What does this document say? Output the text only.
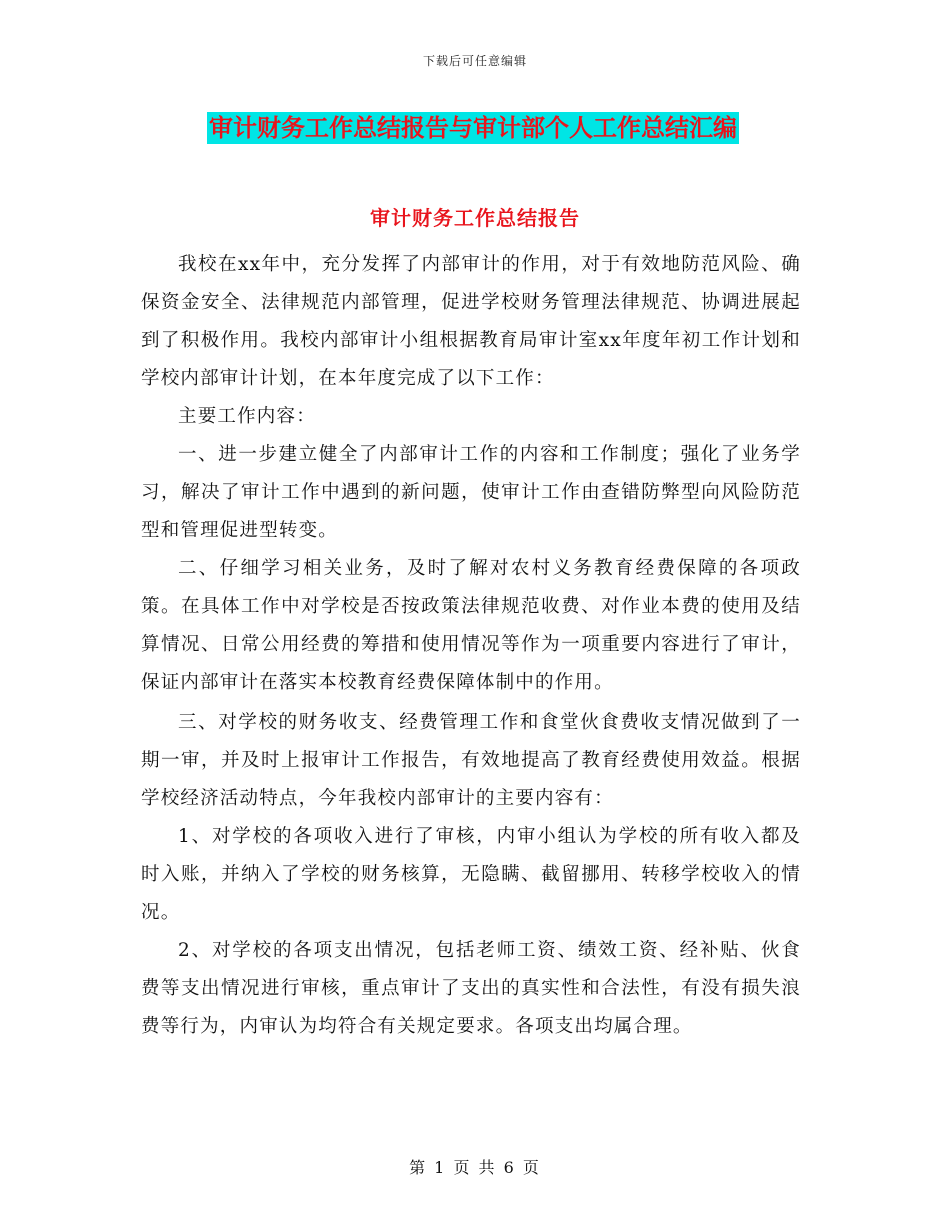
下载后可任意编辑
审计财务工作总结报告与审计部个人工作总结汇编
审计财务工作总结报告

我校在xx年中，充分发挥了内部审计的作用，对于有效地防范风险、确保资金安全、法律规范内部管理，促进学校财务管理法律规范、协调进展起到了积极作用。我校内部审计小组根据教育局审计室xx年度年初工作计划和学校内部审计计划，在本年度完成了以下工作：

主要工作内容：

一、进一步建立健全了内部审计工作的内容和工作制度；强化了业务学习，解决了审计工作中遇到的新问题，使审计工作由查错防弊型向风险防范型和管理促进型转变。

二、仔细学习相关业务，及时了解对农村义务教育经费保障的各项政策。在具体工作中对学校是否按政策法律规范收费、对作业本费的使用及结算情况、日常公用经费的筹措和使用情况等作为一项重要内容进行了审计，保证内部审计在落实本校教育经费保障体制中的作用。

三、对学校的财务收支、经费管理工作和食堂伙食费收支情况做到了一期一审，并及时上报审计工作报告，有效地提高了教育经费使用效益。根据学校经济活动特点，今年我校内部审计的主要内容有：

1、对学校的各项收入进行了审核，内审小组认为学校的所有收入都及时入账，并纳入了学校的财务核算，无隐瞒、截留挪用、转移学校收入的情况。

2、对学校的各项支出情况，包括老师工资、绩效工资、经补贴、伙食费等支出情况进行审核，重点审计了支出的真实性和合法性，有没有损失浪费等行为，内审认为均符合有关规定要求。各项支出均属合理。

第 1 页 共 6 页
